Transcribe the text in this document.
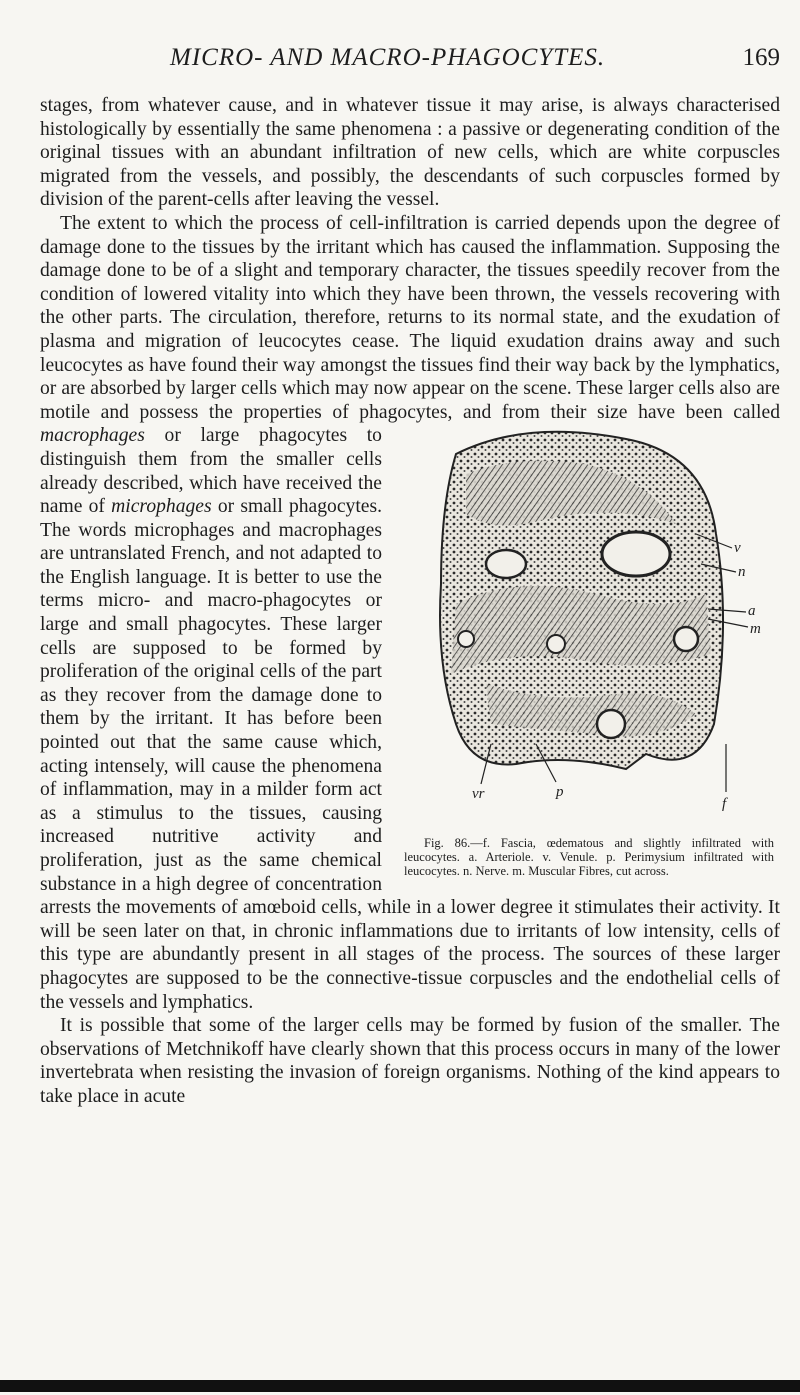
MICRO- AND MACRO-PHAGOCYTES.	169

stages, from whatever cause, and in whatever tissue it may arise, is always characterised histologically by essentially the same phenomena : a passive or degenerating condition of the original tissues with an abundant infiltration of new cells, which are white corpuscles migrated from the vessels, and possibly, the descendants of such corpuscles formed by division of the parent-cells after leaving the vessel.

The extent to which the process of cell-infiltration is carried depends upon the degree of damage done to the tissues by the irritant which has caused the inflammation. Supposing the damage done to be of a slight and temporary character, the tissues speedily recover from the condition of lowered vitality into which they have been thrown, the vessels recovering with the other parts. The circulation, therefore, returns to its normal state, and the exudation of plasma and migration of leucocytes cease. The liquid exudation drains away and such leucocytes as have found their way amongst the tissues find their way back by the lymphatics, or are absorbed by larger cells which may now appear on the scene. These larger cells also are motile and possess the properties of phagocytes, and from their size have been called
v
n
a
m
vr	p
f
Fig. 86.—f. Fascia, œdematous and slightly infiltrated with leucocytes. a. Arteriole. v. Venule. p. Perimysium infiltrated with leucocytes. n. Nerve. m. Muscular Fibres, cut across.
macrophages or large phagocytes to distinguish them from the smaller cells already described, which have received the name of microphages or small phagocytes. The words microphages and macrophages are untranslated French, and not adapted to the English language. It is better to use the terms micro- and macro-phagocytes or large and small phagocytes. These larger cells are supposed to be formed by proliferation of the original cells of the part as they recover from the damage done to them by the irritant. It has before been pointed out that the same cause which, acting intensely, will cause the phenomena of inflammation, may in a milder form act as a stimulus to the tissues, causing increased nutritive activity and proliferation, just as the same chemical substance in a high degree of concentration arrests the movements of amœboid cells, while in a lower degree it stimulates their activity. It will be seen later on that, in chronic inflammations due to irritants of low intensity, cells of this type are abundantly present in all stages of the process. The sources of these larger phagocytes are supposed to be the connective-tissue corpuscles and the endothelial cells of the vessels and lymphatics.

It is possible that some of the larger cells may be formed by fusion of the smaller. The observations of Metchnikoff have clearly shown that this process occurs in many of the lower invertebrata when resisting the invasion of foreign organisms. Nothing of the kind appears to take place in acute
